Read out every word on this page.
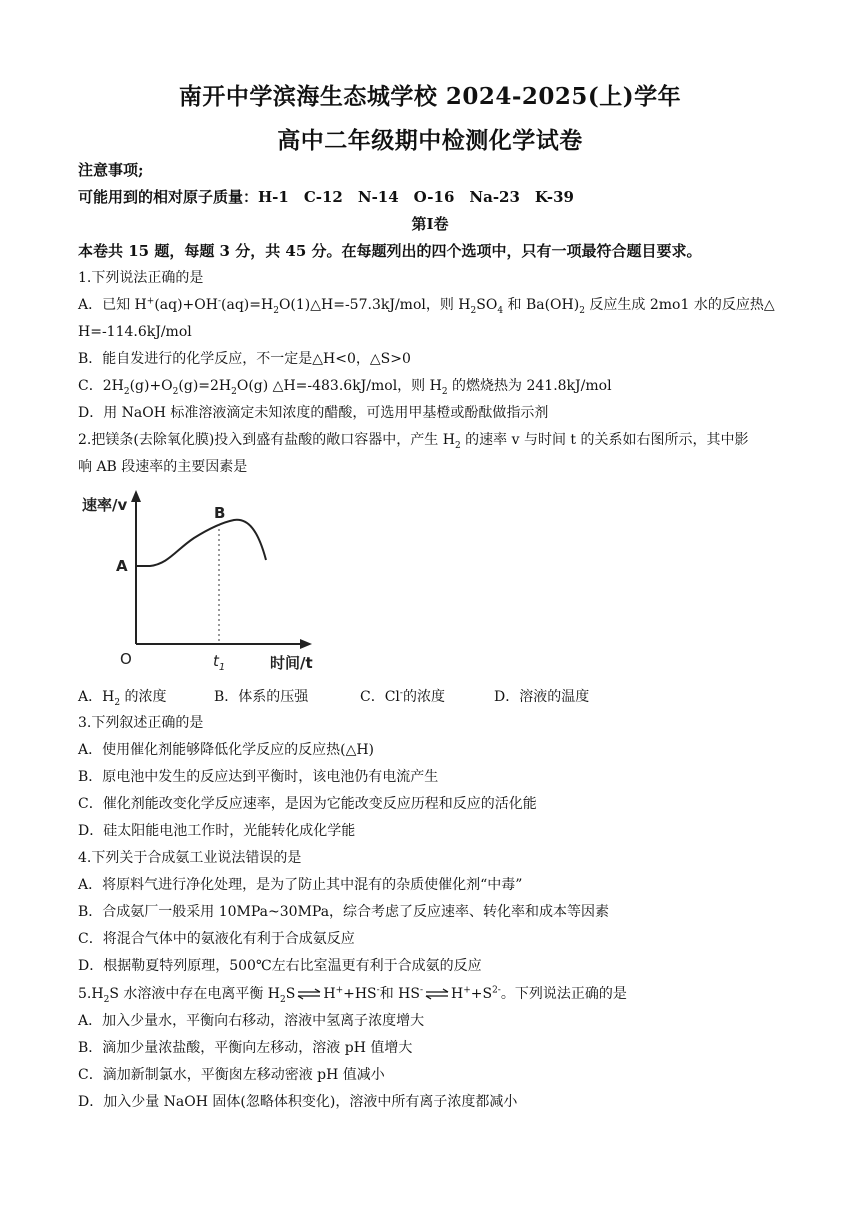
南开中学滨海生态城学校 2024-2025(上)学年
高中二年级期中检测化学试卷
注意事项;
可能用到的相对原子质量：H-1　C-12　N-14　O-16　Na-23　K-39
第Ⅰ卷
本卷共 15 题，每题 3 分，共 45 分。在每题列出的四个选项中，只有一项最符合题目要求。
1.下列说法正确的是
A．已知 $H^+(aq)+OH^-(aq)=H_2O(1)\triangle H=-57.3kJ$/mol，则 $H_2SO_4$ 和 $Ba(OH)_2$ 反应生成 2mo1 水的反应热△
H=-114.6kJ/mol
B．能自发进行的化学反应，不一定是△H<0，△S>0
C．$2H_2(g)+O_2(g)=2H_2O(g)$ △H=-483.6kJ/mol，则 $H_2$ 的燃烧热为 241.8kJ/mol
D．用 NaOH 标准溶液滴定未知浓度的醋酸，可选用甲基橙或酚酞做指示剂
2.把镁条(去除氧化膜)投入到盛有盐酸的敞口容器中，产生 $H_2$ 的速率 v 与时间 t 的关系如右图所示，其中影
响 AB 段速率的主要因素是
速率/v
时间/t
O
A
B
$t_1$
A．$H_2$ 的浓度	B．体系的压强	C．Cl-的浓度	D．溶液的温度
3.下列叙述正确的是
A．使用催化剂能够降低化学反应的反应热(△H)
B．原电池中发生的反应达到平衡时，该电池仍有电流产生
C．催化剂能改变化学反应速率，是因为它能改变反应历程和反应的活化能
D．硅太阳能电池工作时，光能转化成化学能
4.下列关于合成氨工业说法错误的是
A．将原料气进行净化处理，是为了防止其中混有的杂质使催化剂“中毒”
B．合成氨厂一般采用 10MPa~30MPa，综合考虑了反应速率、转化率和成本等因素
C．将混合气体中的氨液化有利于合成氨反应
D．根据勒夏特列原理，500℃左右比室温更有利于合成氨的反应
$5.H_2S$ 水溶液中存在电离平衡 $H_2S$ ⇌ H++HS-和 HS- ⇌ $H^++S^{2-}$。下列说法正确的是
A．加入少量水，平衡向右移动，溶液中氢离子浓度增大
B．滴加少量浓盐酸，平衡向左移动，溶液 pH 值增大
C．滴加新制氯水，平衡囱左移动密液 pH 值减小
D．加入少量 NaOH 固体(忽略体积变化)，溶液中所有离子浓度都减小
